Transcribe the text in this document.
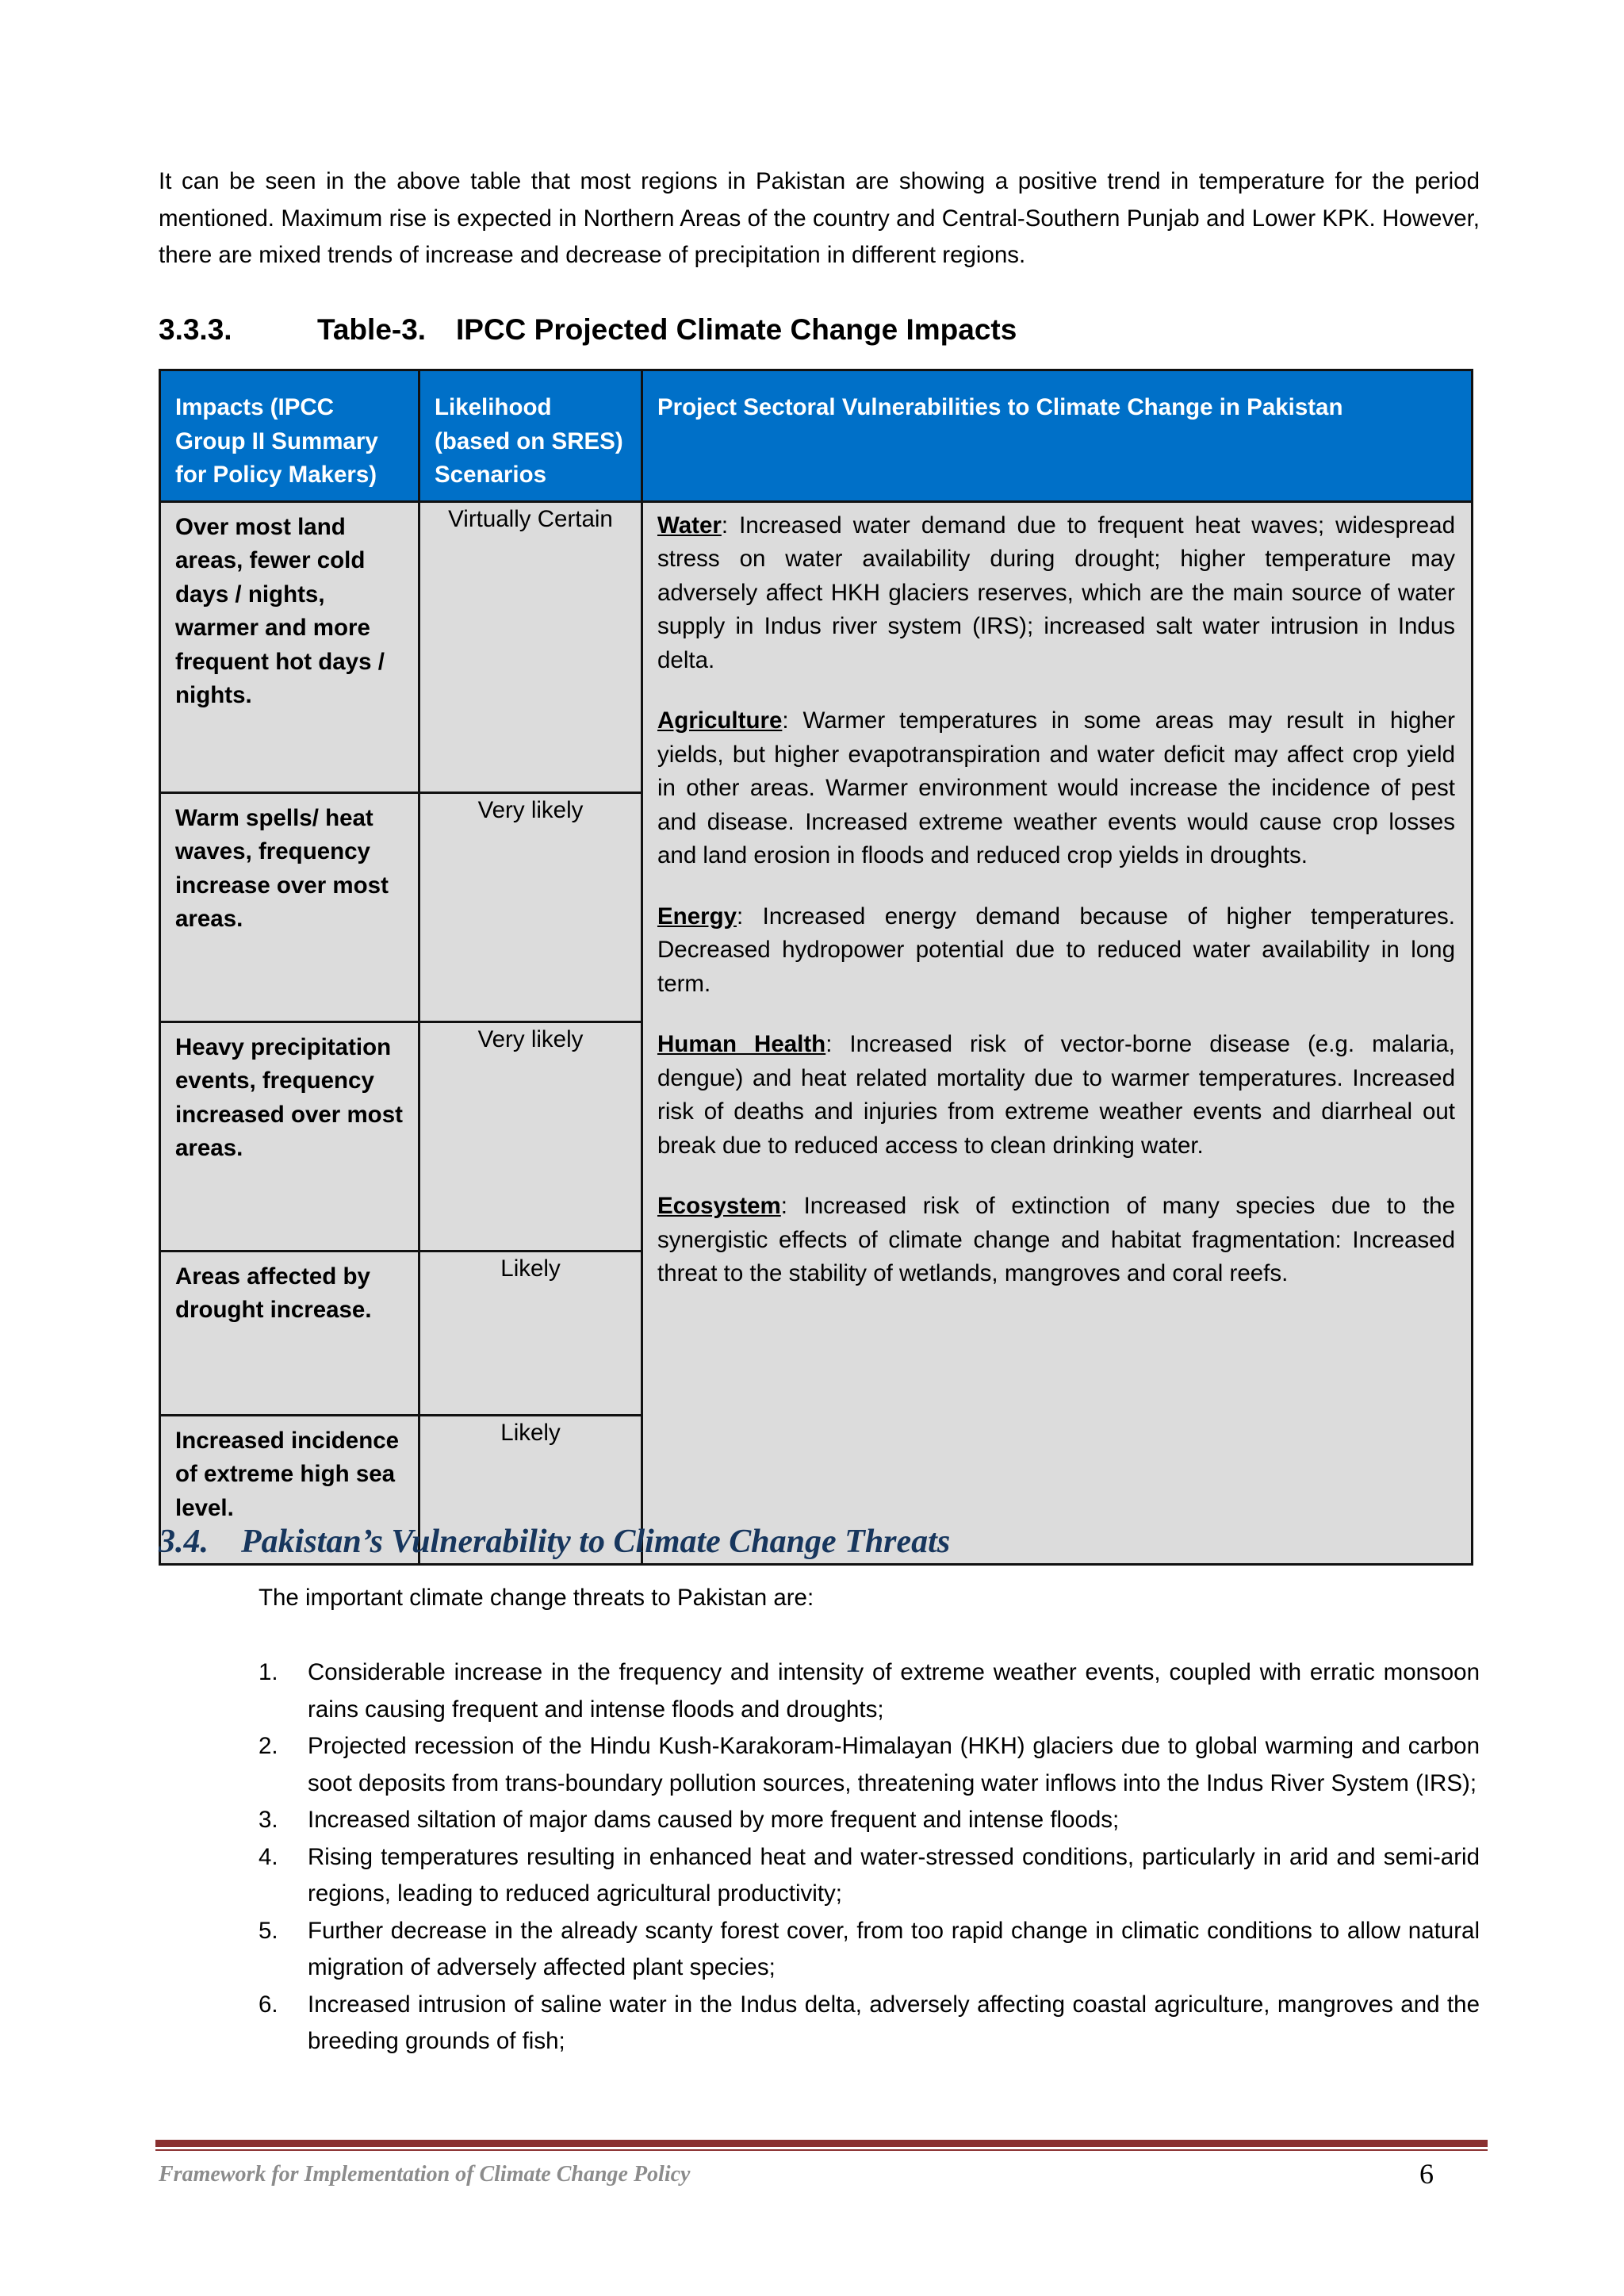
It can be seen in the above table that most regions in Pakistan are showing a positive trend in temperature for the period mentioned. Maximum rise is expected in Northern Areas of the country and Central-Southern Punjab and Lower KPK. However, there are mixed trends of increase and decrease of precipitation in different regions.

3.3.3.	Table-3. IPCC Projected Climate Change Impacts
Impacts (IPCC Group II Summary for Policy Makers)	Likelihood (based on SRES) Scenarios	Project Sectoral Vulnerabilities to Climate Change in Pakistan
Over most land areas, fewer cold days / nights, warmer and more frequent hot days / nights.	Virtually Certain	Water: Increased water demand due to frequent heat waves; widespread stress on water availability during drought; higher temperature may adversely affect HKH glaciers reserves, which are the main source of water supply in Indus river system (IRS); increased salt water intrusion in Indus delta.

Agriculture: Warmer temperatures in some areas may result in higher yields, but higher evapotranspiration and water deficit may affect crop yield in other areas. Warmer environment would increase the incidence of pest and disease. Increased extreme weather events would cause crop losses and land erosion in floods and reduced crop yields in droughts.

Energy: Increased energy demand because of higher temperatures. Decreased hydropower potential due to reduced water availability in long term.

Human Health: Increased risk of vector-borne disease (e.g. malaria, dengue) and heat related mortality due to warmer temperatures. Increased risk of deaths and injuries from extreme weather events and diarrheal out break due to reduced access to clean drinking water.

Ecosystem: Increased risk of extinction of many species due to the synergistic effects of climate change and habitat fragmentation: Increased threat to the stability of wetlands, mangroves and coral reefs.

Warm spells/ heat waves, frequency increase over most areas.	Very likely	
Heavy precipitation events, frequency increased over most areas.	Very likely	
Areas affected by drought increase.	Likely	
Increased incidence of extreme high sea level.	Likely	
3.4. Pakistan’s Vulnerability to Climate Change Threats

The important climate change threats to Pakistan are:

1. Considerable increase in the frequency and intensity of extreme weather events, coupled with erratic monsoon rains causing frequent and intense floods and droughts;
2. Projected recession of the Hindu Kush-Karakoram-Himalayan (HKH) glaciers due to global warming and carbon soot deposits from trans-boundary pollution sources, threatening water inflows into the Indus River System (IRS);
3. Increased siltation of major dams caused by more frequent and intense floods;
4. Rising temperatures resulting in enhanced heat and water-stressed conditions, particularly in arid and semi-arid regions, leading to reduced agricultural productivity;
5. Further decrease in the already scanty forest cover, from too rapid change in climatic conditions to allow natural migration of adversely affected plant species;
6. Increased intrusion of saline water in the Indus delta, adversely affecting coastal agriculture, mangroves and the breeding grounds of fish;

Framework for Implementation of Climate Change Policy	6
